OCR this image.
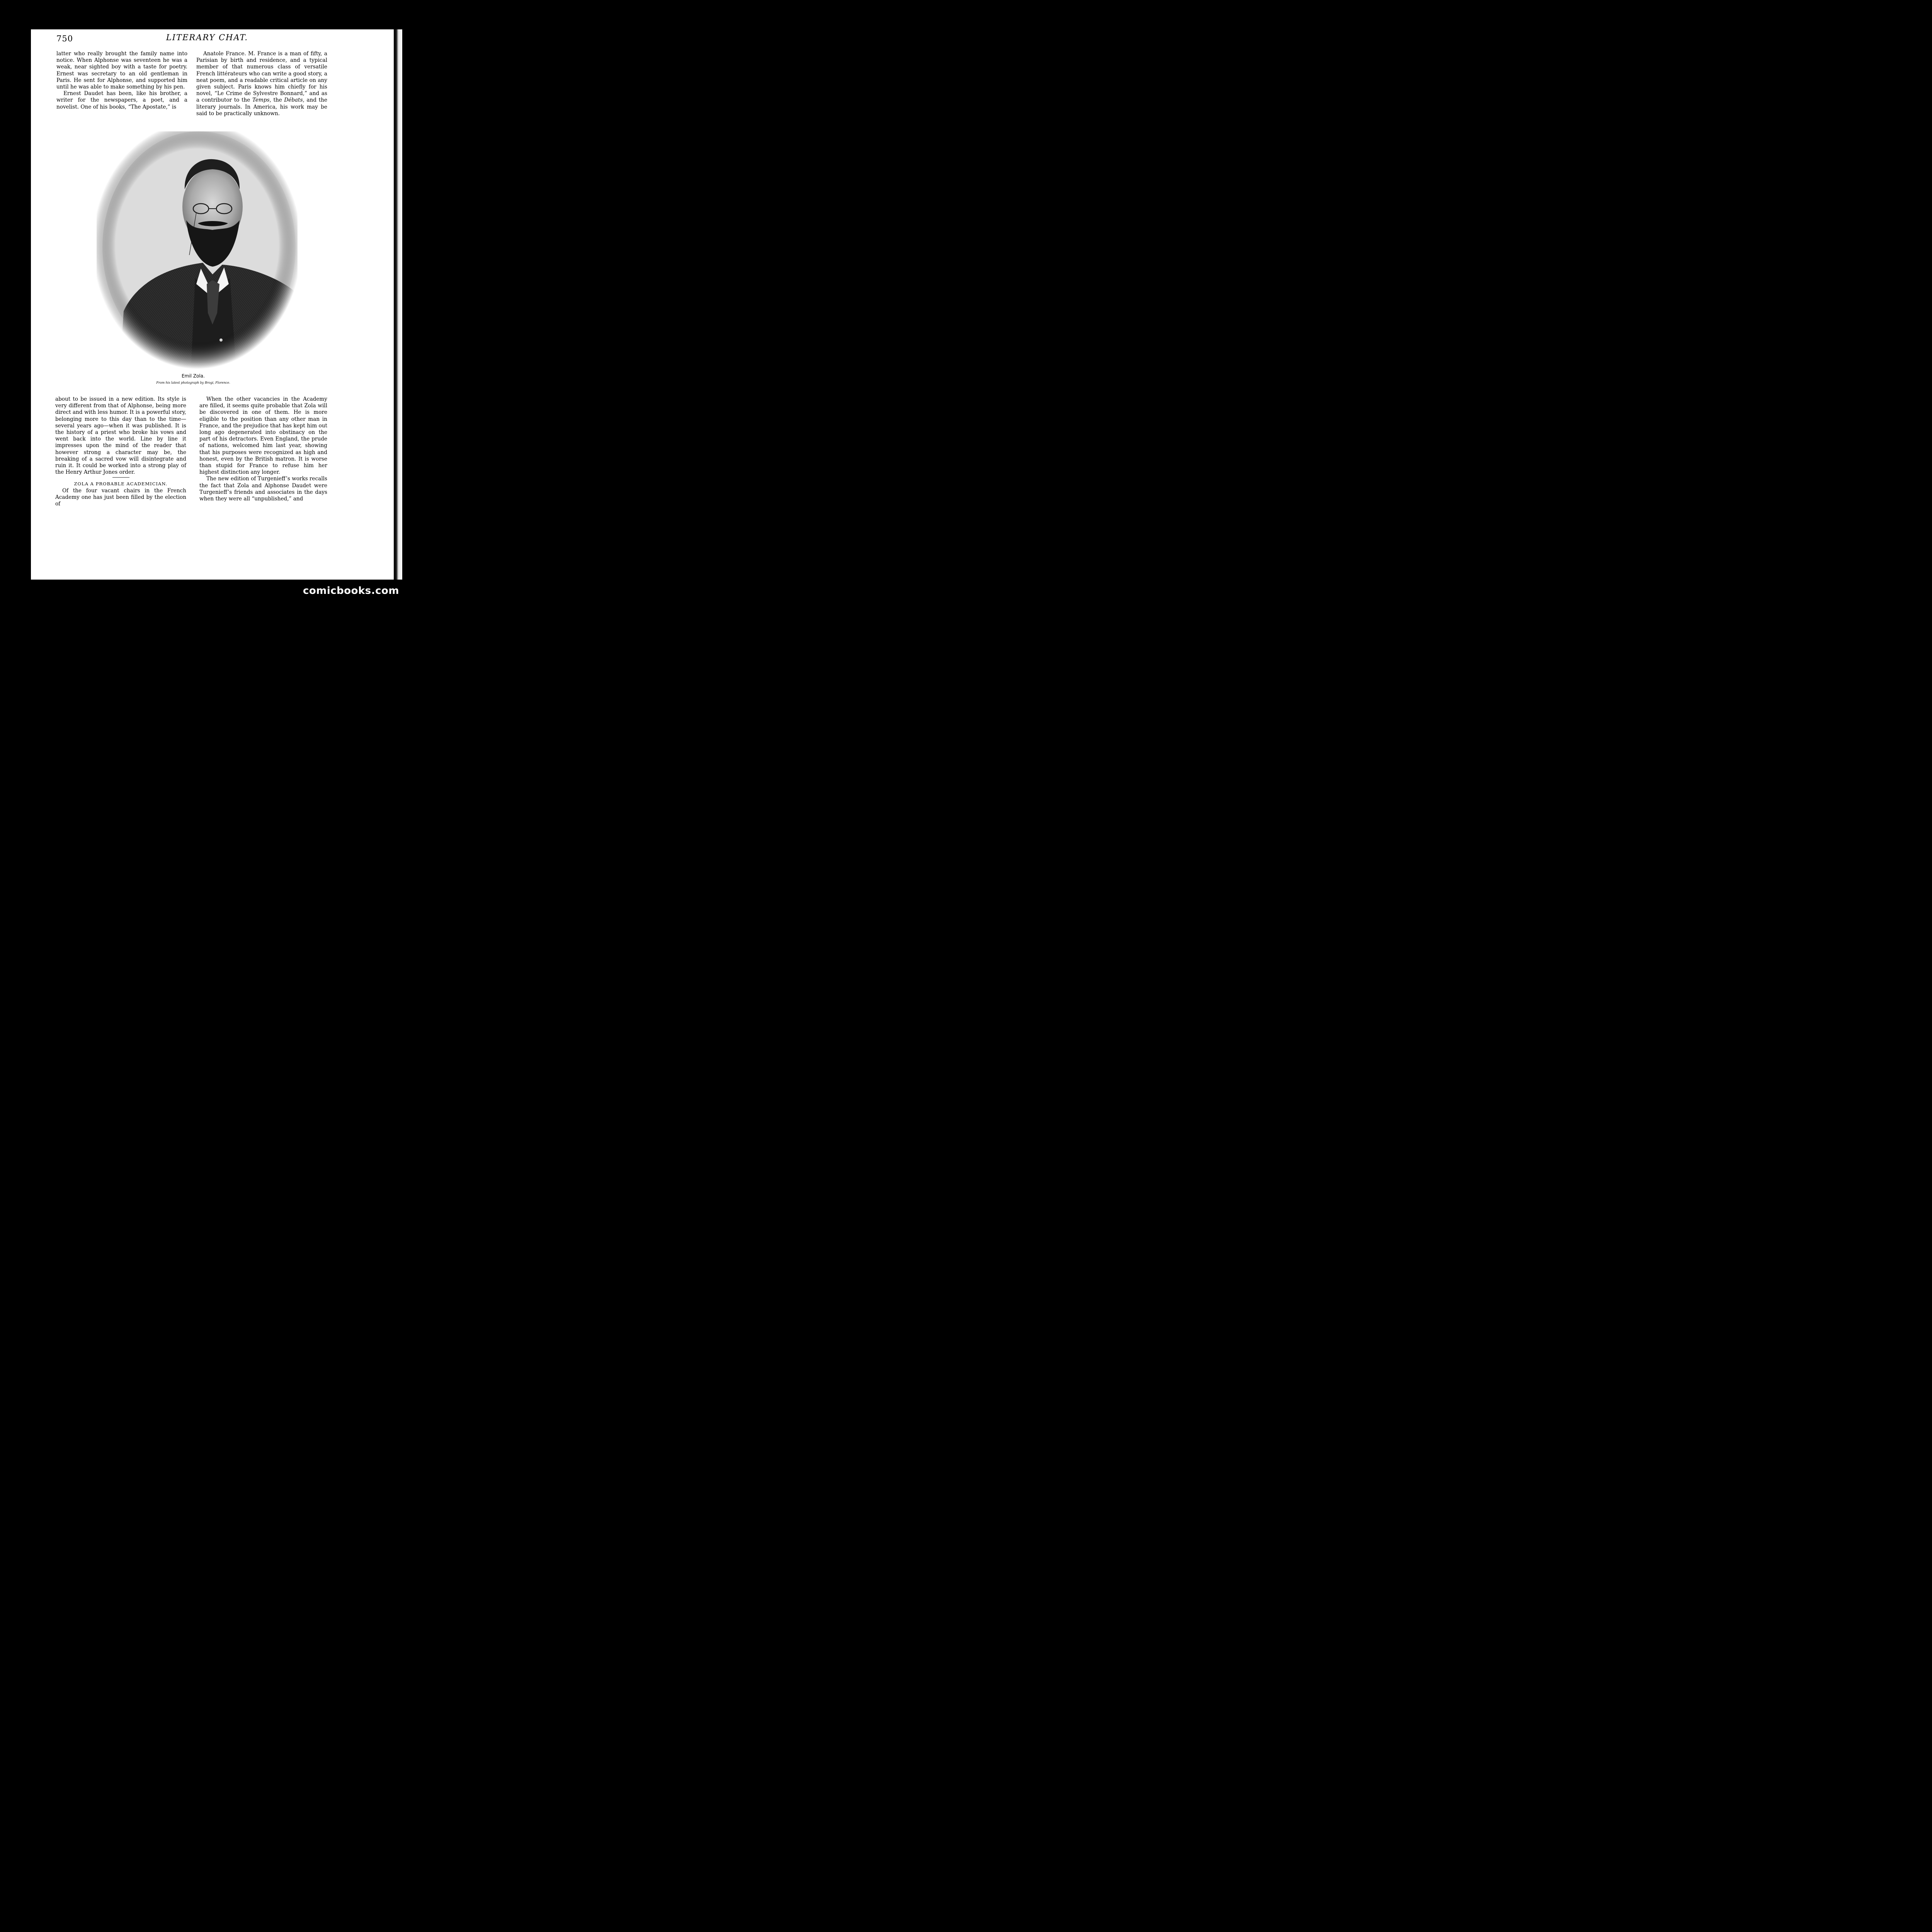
750	LITERARY CHAT.

latter who really brought the family name into notice. When Alphonse was seventeen he was a weak, near sighted boy with a taste for poetry. Ernest was secretary to an old gentleman in Paris. He sent for Alphonse, and supported him until he was able to make something by his pen.

Ernest Daudet has been, like his brother, a writer for the newspapers, a poet, and a novelist. One of his books, “The Apostate,” is

Anatole France. M. France is a man of fifty, a Parisian by birth and residence, and a typical member of that numerous class of versatile French littérateurs who can write a good story, a neat poem, and a readable critical article on any given subject. Paris knows him chiefly for his novel, “Le Crime de Sylvestre Bonnard,” and as a contributor to the Temps, the Débats, and the literary journals. In America, his work may be said to be practically unknown.

Emil Zola.
From his latest photograph by Brogi, Florence.

about to be issued in a new edition. Its style is very different from that of Alphonse, being more direct and with less humor. It is a powerful story, belonging more to this day than to the time—several years ago—when it was published. It is the history of a priest who broke his vows and went back into the world. Line by line it impresses upon the mind of the reader that however strong a character may be, the breaking of a sacred vow will disintegrate and ruin it. It could be worked into a strong play of the Henry Arthur Jones order.

ZOLA A PROBABLE ACADEMICIAN.

Of the four vacant chairs in the French Academy one has just been filled by the election of

When the other vacancies in the Academy are filled, it seems quite probable that Zola will be discovered in one of them. He is more eligible to the position than any other man in France, and the prejudice that has kept him out long ago degenerated into obstinacy on the part of his detractors. Even England, the prude of nations, welcomed him last year, showing that his purposes were recognized as high and honest, even by the British matron. It is worse than stupid for France to refuse him her highest distinction any longer.

The new edition of Turgenieff’s works recalls the fact that Zola and Alphonse Daudet were Turgenieff’s friends and associates in the days when they were all “unpublished,” and

comicbooks.com
